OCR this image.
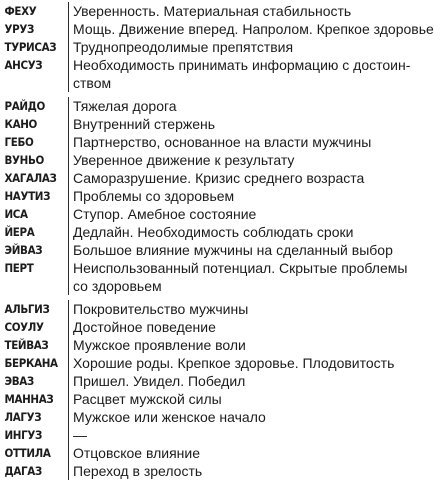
ФЕХУ	Уверенность. Материальная стабильность
УРУЗ	Мощь. Движение вперед. Напролом. Крепкое здоровье
ТУРИСАЗ	Труднопреодолимые препятствия
АНСУЗ	Необходимость принимать информацию с достоин-
ством
РАЙДО	Тяжелая дорога
КАНО	Внутренний стержень
ГЕБО	Партнерство, основанное на власти мужчины
ВУНЬО	Уверенное движение к результату
ХАГАЛАЗ	Саморазрушение. Кризис среднего возраста
НАУТИЗ	Проблемы со здоровьем
ИСА	Ступор. Амебное состояние
ЙЕРА	Дедлайн. Необходимость соблюдать сроки
ЭЙВАЗ	Большое влияние мужчины на сделанный выбор
ПЕРТ	Неиспользованный потенциал. Скрытые проблемы
со здоровьем
АЛЬГИЗ	Покровительство мужчины
СОУЛУ	Достойное поведение
ТЕЙВАЗ	Мужское проявление воли
БЕРКАНА	Хорошие роды. Крепкое здоровье. Плодовитость
ЭВАЗ	Пришел. Увидел. Победил
МАННАЗ	Расцвет мужской силы
ЛАГУЗ	Мужское или женское начало
ИНГУЗ	—
ОТТИЛА	Отцовское влияние
ДАГАЗ	Переход в зрелость
